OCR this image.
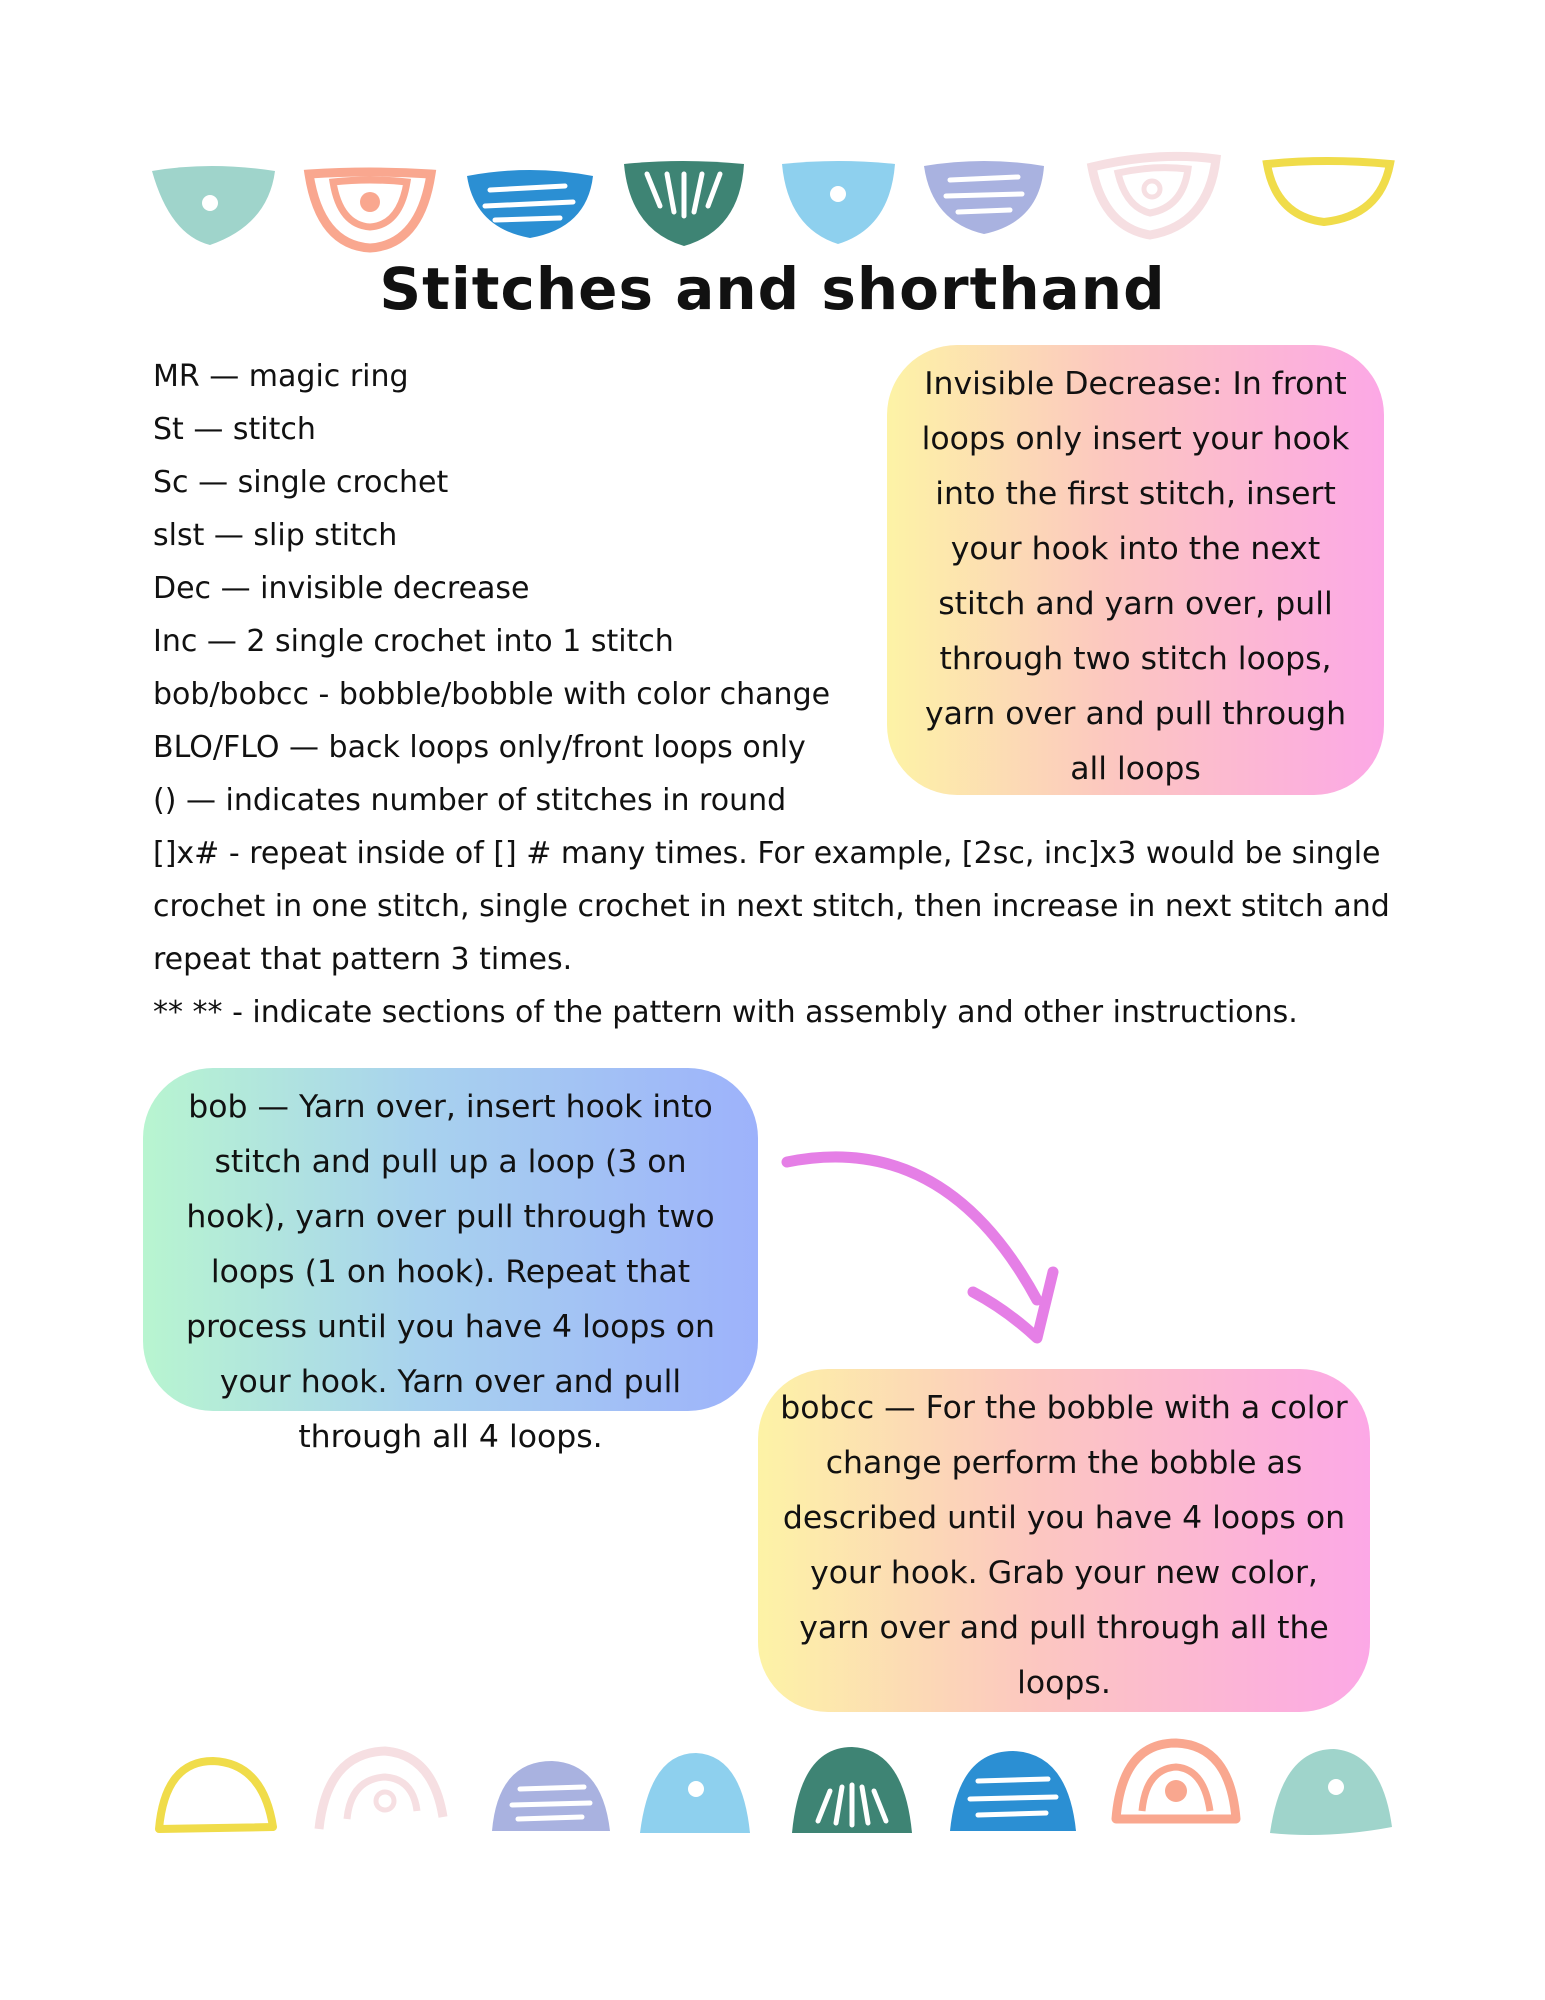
Stitches and shorthand
MR — magic ring
St — stitch
Sc — single crochet
slst — slip stitch
Dec — invisible decrease
Inc — 2 single crochet into 1 stitch
bob/bobcc - bobble/bobble with color change
BLO/FLO — back loops only/front loops only
() — indicates number of stitches in round
[]x# - repeat inside of [] # many times. For example, [2sc, inc]x3 would be single crochet in one stitch, single crochet in next stitch, then increase in next stitch and repeat that pattern 3 times.
** ** - indicate sections of the pattern with assembly and other instructions.
Invisible Decrease: In front loops only insert your hook into the first stitch, insert your hook into the next stitch and yarn over, pull through two stitch loops, yarn over and pull through all loops
bob — Yarn over, insert hook into stitch and pull up a loop (3 on hook), yarn over pull through two loops (1 on hook). Repeat that process until you have 4 loops on your hook. Yarn over and pull through all 4 loops.
bobcc — For the bobble with a color change perform the bobble as described until you have 4 loops on your hook. Grab your new color, yarn over and pull through all the loops.
